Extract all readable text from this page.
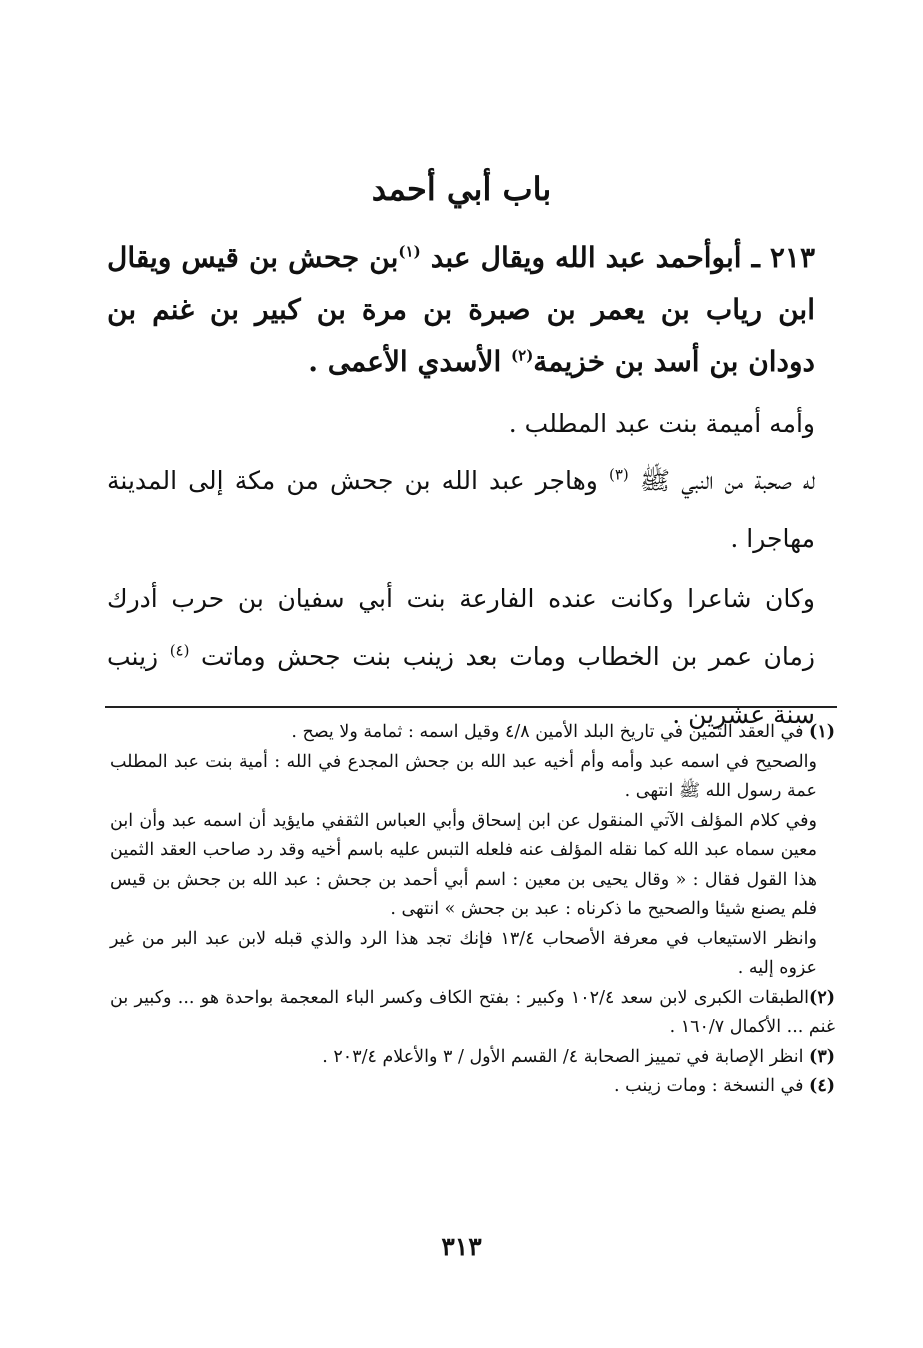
باب أبي أحمد
٢١٣ ـ أبوأحمد عبد الله ويقال عبد $^{(١)}$بن جحش بن قيس ويقال ابن رياب بن يعمر بن صبرة بن مرة بن كبير بن غنم بن دودان بن أسد بن خزيمة$^{(٢)}$ الأسدي الأعمى .
وأمه أميمة بنت عبد المطلب .
له صحبة من النبي ﷺ $^{(٣)}$ وهاجر عبد الله بن جحش من مكة إلى المدينة مهاجرا .
وكان شاعرا وكانت عنده الفارعة بنت أبي سفيان بن حرب أدرك زمان عمر بن الخطاب ومات بعد زينب بنت جحش وماتت $^{(٤)}$ زينب سنة عشرين .

(١) في العقد الثمين في تاريخ البلد الأمين ٤/٨ وقيل اسمه : ثمامة ولا يصح .

والصحيح في اسمه عبد وأمه وأم أخيه عبد الله بن جحش المجدع في الله : أمية بنت عبد المطلب عمة رسول الله ﷺ انتهى .

وفي كلام المؤلف الآتي المنقول عن ابن إسحاق وأبي العباس الثقفي مايؤيد أن اسمه عبد وأن ابن معين سماه عبد الله كما نقله المؤلف عنه فلعله التبس عليه باسم أخيه وقد رد صاحب العقد الثمين هذا القول فقال : « وقال يحيى بن معين : اسم أبي أحمد بن جحش : عبد الله بن جحش بن قيس فلم يصنع شيئا والصحيح ما ذكرناه : عبد بن جحش » انتهى .

وانظر الاستيعاب في معرفة الأصحاب ١٣/٤ فإنك تجد هذا الرد والذي قبله لابن عبد البر من غير عزوه إليه .

(٢)الطبقات الكبرى لابن سعد ١٠٢/٤ وكبير : بفتح الكاف وكسر الباء المعجمة بواحدة هو ... وكبير بن غنم ... الأكمال ١٦٠/٧ .

(٣) انظر الإصابة في تمييز الصحابة ٤/ القسم الأول / ٣ والأعلام ٢٠٣/٤ .

(٤) في النسخة : ومات زينب .

٣١٣
